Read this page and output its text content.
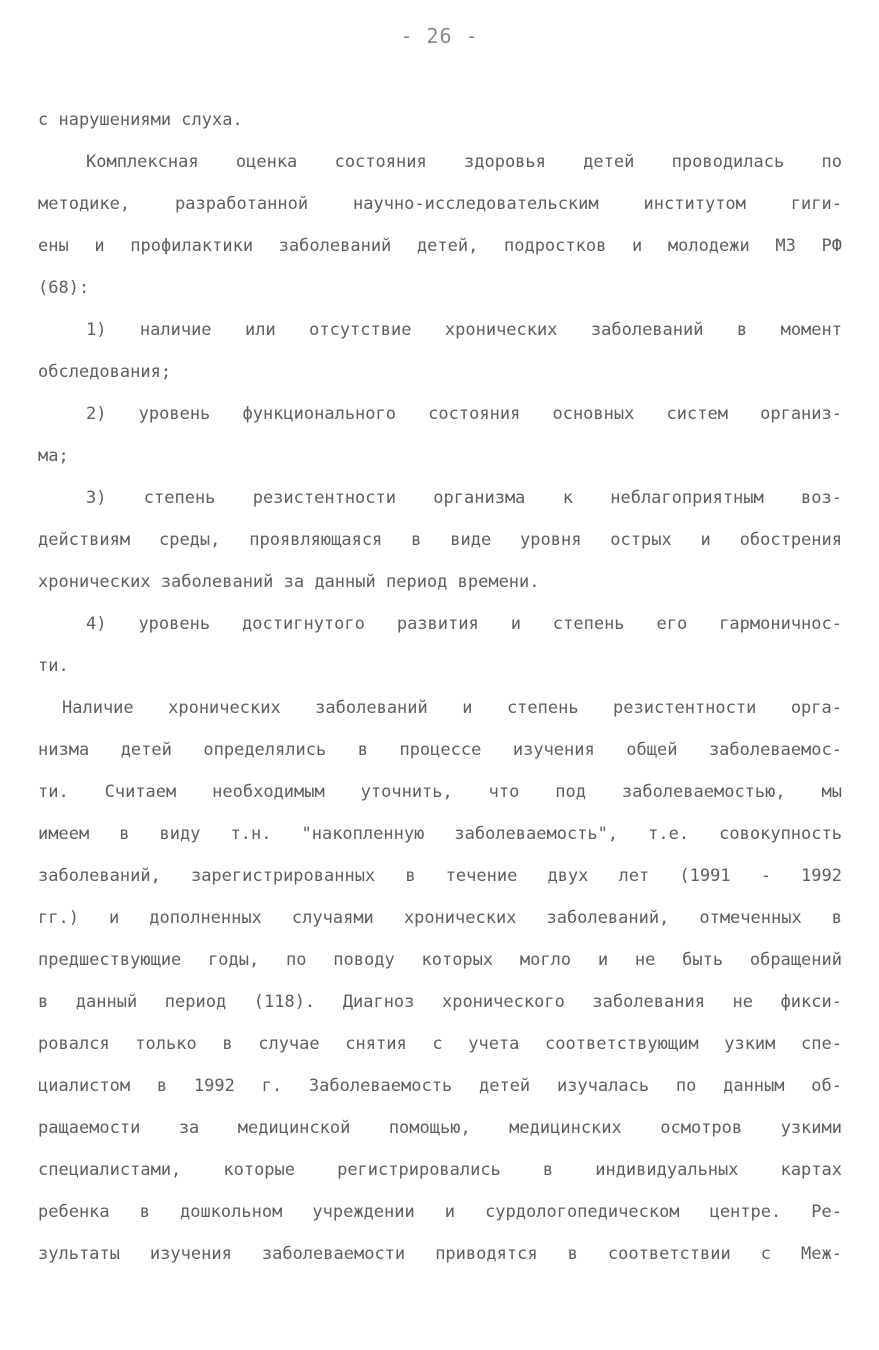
- 26 -
с нарушениями слуха.
Комплексная оценка состояния здоровья детей проводилась по
методике, разработанной научно-исследовательским институтом гиги-
ены и профилактики заболеваний детей, подростков и молодежи МЗ РФ
(68):
1) наличие или отсутствие хронических заболеваний в момент
обследования;
2) уровень функционального состояния основных систем организ-
ма;
3) степень резистентности организма к неблагоприятным воз-
действиям среды, проявляющаяся в виде уровня острых и обострения
хронических заболеваний за данный период времени.
4) уровень достигнутого развития и степень его гармоничнос-
ти.
Наличие хронических заболеваний и степень резистентности орга-
низма детей определялись в процессе изучения общей заболеваемос-
ти. Считаем необходимым уточнить, что под заболеваемостью, мы
имеем в виду т.н. "накопленную заболеваемость", т.е. совокупность
заболеваний, зарегистрированных в течение двух лет (1991 - 1992
гг.) и дополненных случаями хронических заболеваний, отмеченных в
предшествующие годы, по поводу которых могло и не быть обращений
в данный период (118). Диагноз хронического заболевания не фикси-
ровался только в случае снятия с учета соответствующим узким спе-
циалистом в 1992 г. Заболеваемость детей изучалась по данным об-
ращаемости за медицинской помощью, медицинских осмотров узкими
специалистами, которые регистрировались в индивидуальных картах
ребенка в дошкольном учреждении и сурдологопедическом центре. Ре-
зультаты изучения заболеваемости приводятся в соответствии с Меж-
